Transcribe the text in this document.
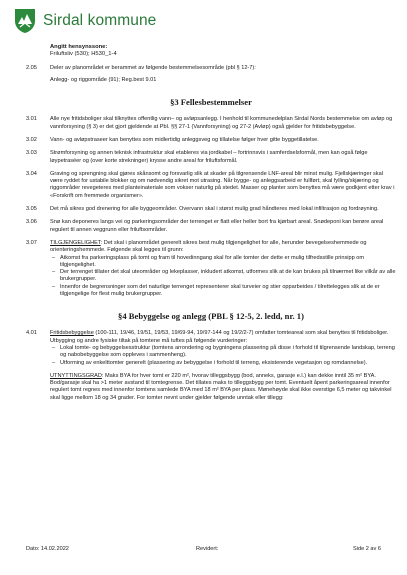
Sirdal kommune
Angitt hensynssone:
Friluftsliv (530); H530_1-4
2.05	Deler av planområdet er berammet av følgende bestemmelsesområde (pbl § 12-7):
Anlegg- og riggområde (91); Reg.best 9.01
§3 Fellesbestemmelser
3.01	Alle nye fritidsboliger skal tilknyttes offentlig vann– og avløpsanlegg. I henhold til kommunedelplan Sirdal Nords bestemmelse om avløp og vannforsyning (§ 3) er det gjort gjeldende at Pbl. §§ 27-1 (Vannforsyning) og 27-2 (Avløp) også gjelder for fritidsbebyggelse.
3.02	Vann- og avløpstraseer kan benyttes som midlertidig anleggsveg og tillatelse følger hver gitte byggetillatelse.
3.03	Strømforsyning og annen teknisk infrastruktur skal etableres via jordkabel – fortrinnsvis i samferdselsformål, men kan også følge løypetraséer og (over korte strekninger) krysse andre areal for friluftsformål.
3.04	Graving og sprengning skal gjøres skånsomt og forsvarlig slik at skader på tilgrensende LNF-areal blir minst mulig. Fjellskjæringer skal være ryddet for ustabile blokker og om nødvendig sikret mot utrasing. Når bygge- og anleggsarbeid er fullført, skal fylling/skjæring og riggområder revegeteres med planteinateriale som vokser naturlig på stedet. Masser og planter som benyttes må være godkjent etter krav i «Forskrift om fremmede organismer».
3.05	Det må sikres god drenering for alle byggeområder. Overvann skal i størst mulig grad håndteres med lokal infiltrasjon og fordrøyning.
3.06	Snø kan deponeres langs vei og parkeringsområder der terrenget er flatt eller heller bort fra kjørbart areal. Snødeponi kan berøre areal regulert til annen veggrunn eller friluftsområder.
3.07	TILGJENGELIGHET: Det skal i planområdet generelt sikres best mulig tilgjengelighet for alle, herunder bevegelseshemmede og orienteringshemmede. Følgende skal legges til grunn:

– Atkomst fra parkeringsplass på tomt og fram til hovedinngang skal for alle tomter der dette er mulig tilfredsstille prinsipp om tilgjengelighet.
– Der terrenget tillater det skal uteområder og lekeplasser, inkludert atkomst, utformes slik at de kan brukes på tilnærmet like vilkår av alle brukergrupper.
– Innenfor de begrensninger som det naturlige terrenget representerer skal turveier og stier opparbeides / tilrettelegges slik at de er tilgjengelige for flest mulig brukergrupper.
§4 Bebyggelse og anlegg (PBL § 12-5, 2. ledd, nr. 1)
4.01	Fritidsbebyggelse (100-111, 19/46, 19/51, 19/53, 19/69-94, 19/97-144 og 19/2/2-7) omfatter tomteareal som skal benyttes til fritidsboliger. Utbygging og andre fysiske tiltak på tomtene må tuftes på følgende vurderinger:

– Lokal tomte- og bebyggelsesstruktur (tomtens arrondering og bygningens plassering på disse i forhold til tilgrensende landskap, terreng og nabobebyggelse som oppleves i sammenheng).
– Utforming av enkelttomter generelt (plassering av bebyggelse i forhold til terreng, eksisterende vegetasjon og romdannelse).

UTNYTTINGSGRAD: Maks BYA for hver tomt er 220 m², hvorav tilleggsbygg (bod, anneks, garasje e.l.) kan dekke inntil 35 m² BYA. Bod/garasje skal ha >1 meter avstand til tomtegrense. Det tillates maks to tilleggsbygg per tomt. Eventuelt åpent parkeringsareal innenfor regulert tomt regnes med innenfor tomtens samlede BYA med 18 m² BYA per plass. Mønehøyde skal ikke overstige 6,5 meter og takvinkel skal ligge mellom 18 og 34 grader. For tomter nevnt under gjelder følgende unntak eller tillegg:

Dato: 14.02.2022	Revidert:	Side 2 av 6
